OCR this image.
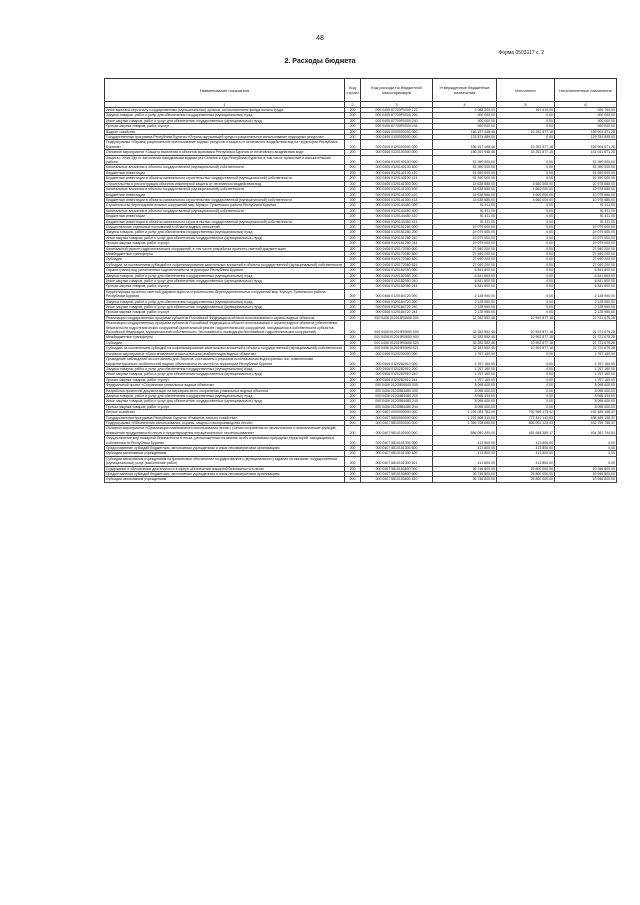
48
Форма 0503117 с. 2
2. Расходы бюджета
Наименование показателя	Код строки	Код расхода по бюджетной классификации	Утвержденные бюджетные назначения	Исполнено	Неисполненные назначения
1	2	3	4	5	6
Иные выплаты персоналу государственных (муниципальных) органов, за исключением фонда оплаты труда	200	000 0405 87700Р0000 122	1 088 200,00	161 410,00	926 790,00
Закупка товаров, работ и услуг для обеспечения государственных (муниципальных) нужд	200	000 0405 87700Р0000 200	900 000,00	0,00	900 000,00
Иные закупки товаров, работ и услуг для обеспечения государственных (муниципальных) нужд	200	000 0405 87700Р0000 240	900 000,00	0,00	900 000,00
Прочая закупка товаров, работ и услуг	200	000 0405 87700Р0000 244	900 000,00	0,00	900 000,00
Водное хозяйство	200	000 0406 0000000000 000	166 157 448,46	15 252 877,18	150 904 571,28
Государственная программа Республики Бурятия «Охрана окружающей среды и рациональное использование природных ресурсов»	200	000 0406 0100000000 000	133 874 489,00	0,00	129 784 895,00
Подпрограмма «Охрана, рациональное использование водных ресурсов и защита от негативного воздействия вод на территории Республики Бурятия»	200	000 0406 0120000000 000	166 157 448,46	15 252 877,18	150 904 571,28
Основное мероприятие «Защита населения и объектов экономики Республики Бурятия от негативного воздействия вод»	200	000 0406 0120100000 000	156 291 948,46	15 252 877,18	141 041 871,28
Защита г. Улан-Удэ от затопления паводковыми водами рек Селенга и Уда Республики Бурятия, в том числе проектные и изыскательские работы	200	000 0406 0120140100 000	51 390 000,00	0,00	51 390 000,00
Капитальные вложения в объекты государственной (муниципальной) собственности	200	000 0406 0120140100 400	51 390 000,00	0,00	51 390 000,00
Бюджетные инвестиции	200	000 0406 0120140100 410	51 390 000,00	0,00	51 390 000,00
Бюджетные инвестиции в объекты капитального строительства государственной (муниципальной) собственности	200	000 0406 0120140100 414	51 390 000,00	0,00	51 390 000,00
Строительство и реконструкция объектов инженерной защиты от негативного воздействия вод	200	000 0406 0120141000 000	15 638 586,00	4 660 000,00	10 978 586,00
Капитальные вложения в объекты государственной (муниципальной) собственности	200	000 0406 0120141000 400	15 638 586,00	4 660 000,00	10 978 586,00
Бюджетные инвестиции	200	000 0406 0120141000 410	15 638 586,00	4 660 000,00	10 978 586,00
Бюджетные инвестиции в объекты капитального строительства государственной (муниципальной) собственности	200	000 0406 0120141000 414	15 638 586,00	4 660 000,00	10 978 586,00
Строительство берегоукрепительных сооружений мкр. Мункул, Тункинского района Республики Бурятия	200	000 0406 0120144450 000	91 411,00	0,00	91 411,00
Капитальные вложения в объекты государственной (муниципальной) собственности	200	000 0406 0120144450 400	91 411,00	0,00	91 411,00
Бюджетные инвестиции	200	000 0406 0120144450 410	91 411,00	0,00	91 411,00
Бюджетные инвестиции в объекты капитального строительства государственной (муниципальной) собственности	200	000 0406 0120144450 414	91 411,00	0,00	91 411,00
Осуществление отдельных полномочий в области водных отношений	200	000 0406 0120151280 000	19 079 000,00	0,00	19 079 000,00
Закупка товаров, работ и услуг для обеспечения государственных (муниципальных) нужд	200	000 0406 0120151280 200	19 079 000,00	0,00	19 079 000,00
Иные закупки товаров, работ и услуг для обеспечения государственных (муниципальных) нужд	200	000 0406 0120151280 240	19 079 000,00	0,00	19 079 000,00
Прочая закупка товаров, работ и услуг	200	000 0406 0120151280 244	19 079 000,00	0,00	19 079 000,00
Капитальный ремонт гидротехнических сооружений, в том числе разработка проектно-сметной документации	200	000 0406 0120172080 000	27 940 200,00	0,00	27 940 200,00
Межбюджетные трансферты	200	000 0406 0120172080 500	27 940 200,00	0,00	27 940 200,00
Субсидии	200	000 0406 0120172080 520	27 940 200,00	0,00	27 940 200,00
Субсидии, за исключением субсидий на софинансирование капитальных вложений в объекты государственной (муниципальной) собственности	200	000 0406 0120172080 521	27 940 200,00	0,00	27 940 200,00
Охрана границ вод (затопленных подтоплением на территории Республики Бурятия	200	000 0406 0120182050 000	6 841 800,00	0,00	6 841 800,00
Закупка товаров, работ и услуг для обеспечения государственных (муниципальных) нужд	200	000 0406 0120182050 200	6 841 800,00	0,00	6 841 800,00
Иные закупки товаров, работ и услуг для обеспечения государственных (муниципальных) нужд	200	000 0406 0120182050 240	6 841 800,00	0,00	6 841 800,00
Прочая закупка товаров, работ и услуг	200	000 0406 0120182050 244	6 841 800,00	0,00	6 841 800,00
Корректировка проектно-сметной документации на строительство берегоукрепительных сооружений мкр. Мункул, Тункинского района Республики Бурятия	200	000 0406 0120184720 000	2 128 950,00	0,00	2 128 950,00
Закупка товаров, работ и услуг для обеспечения государственных (муниципальных) нужд	200	000 0406 0120184720 200	2 128 950,00	0,00	2 128 950,00
Иные закупки товаров, работ и услуг для обеспечения государственных (муниципальных) нужд	200	000 0406 0120184720 240	2 128 950,00	0,00	2 128 950,00
Прочая закупка товаров, работ и услуг	200	000 0406 0120184720 244	2 128 950,00	0,00	2 128 950,00
Реализация государственных программ субъектов Российской Федерации в области использования и охраны водных объектов	200	000 0406 012018R0650 000	32 282 552,46	10 592 877,18	21 721 675,28
Реализация государственных программ субъектов Российской Федерации в области использования и охраны водных объектов (обеспечение безопасности гидротехнических сооружений (капитальный ремонт гидротехнических сооружений, находящихся в собственности субъектов Российской Федерации, муниципальной собственности, бесхозяйных и ликвидация бесхозяйных гидротехнических сооружений)	200	000 0406 012019R0650 000	32 282 552,46	10 592 877,18	21 721 675,28
Межбюджетные трансферты	200	000 0406 012019R0650 500	32 282 552,46	10 592 877,18	21 721 675,28
Субсидии	200	000 0406 012019R0650 520	32 282 552,46	10 592 877,18	21 721 675,28
Субсидии, за исключением субсидий на софинансирование капитальных вложений в объекты государственной (муниципальной) собственности	200	000 0406 012019R0650 521	32 282 552,46	10 592 877,18	21 721 675,28
Основное мероприятие «Восстановление и экологическая реабилитация водных объектов»	200	000 0406 0120200000 000	1 767 160,00	0,00	1 767 160,00
Проведение наблюдений за состоянием дна, берегов, состоянием и режимом использования водоохранных зон, изменениями морфометрических особенностей водных объектов или их частей на территории Республики Бурятия	200	000 0406 0120282910 000	1 767 160,00	0,00	1 767 160,00
Закупка товаров, работ и услуг для обеспечения государственных (муниципальных) нужд	200	000 0406 0120282910 200	1 767 160,00	0,00	1 767 160,00
Иные закупки товаров, работ и услуг для обеспечения государственных (муниципальных) нужд	200	000 0406 0120282910 240	1 767 160,00	0,00	1 767 160,00
Прочая закупка товаров, работ и услуг	200	000 0406 0120282910 244	1 767 160,00	0,00	1 767 160,00
Федеральный проект «Сохранение уникальных водных объектов»	200	000 0406 012G800000 000	8 098 400,00	0,00	8 098 400,00
Разработка проектной документации на мероприятия по сохранению уникальных водных объектов	200	000 0406 012G884480 000	8 098 400,00	0,00	8 098 400,00
Закупка товаров, работ и услуг для обеспечения государственных (муниципальных) нужд	200	000 0406 012G884480 200	8 098 400,00	0,00	8 098 400,00
Иные закупки товаров, работ и услуг для обеспечения государственных (муниципальных) нужд	200	000 0406 012G884480 240	8 098 400,00	0,00	8 098 400,00
Прочая закупка товаров, работ и услуг	200	000 0406 012G884480 244	8 098 400,00	0,00	8 098 400,00
Лесное хозяйство	200	000 0407 0000000000 000	1 226 083 782,00	792 598 173,02	433 485 158,37
Государственная программа Республики Бурятия «Развитие лесного хозяйства»	200	000 0407 5800000000 000	1 216 508 310,00	777 441 143,63	438 485 158,37
Подпрограмма «Обеспечение использования, охраны, защиты и воспроизводства лесов»	200	000 0407 5810000000 000	1 359 708 690,00	806 003 123,03	432 759 758,37
Основное мероприятие «Организация планомерного использования лесов с учетом сохранения их экологических и экономических функций, повышения продуктивности лесов и предотвращения нерационального лесопользования»	200	000 0407 5810100000 000	886 050 290,00	481 668 389,17	404 381 794,83
Осуществление мер пожарной безопасности в лесах, расположенных на землях особо охраняемых природных территорий, находящихся в собственности Республики Бурятия	200	000 0407 5810151300 000	413 800,00	413 800,00	0,00
Предоставление субсидий бюджетным, автономным учреждениям и иным некоммерческим организациям	200	000 0407 5810151300 600	413 800,00	413 800,00	0,00
Субсидии автономным учреждениям	200	000 0407 5810151300 620	413 800,00	413 800,00	0,00
Субсидии автономным учреждениям на финансовое обеспечение государственного (муниципального) задания на оказание государственных (муниципальных) услуг (выполнение работ)	200	000 0407 5810151300 621	413 800,00	413 800,00	0,00
Содержание и обеспечение деятельности в сфере обеспечения пожарной безопасности в лесах	200	000 0407 5810153800 000	36 746 800,00	25 800 000,00	10 946 800,00
Предоставление субсидий бюджетным, автономным учреждениям и иным некоммерческим организациям	200	000 0407 5810153800 600	36 746 800,00	25 800 000,00	10 946 800,00
Субсидии автономным учреждениям	200	000 0407 5810153800 620	36 746 800,00	25 800 000,00	10 946 800,00
